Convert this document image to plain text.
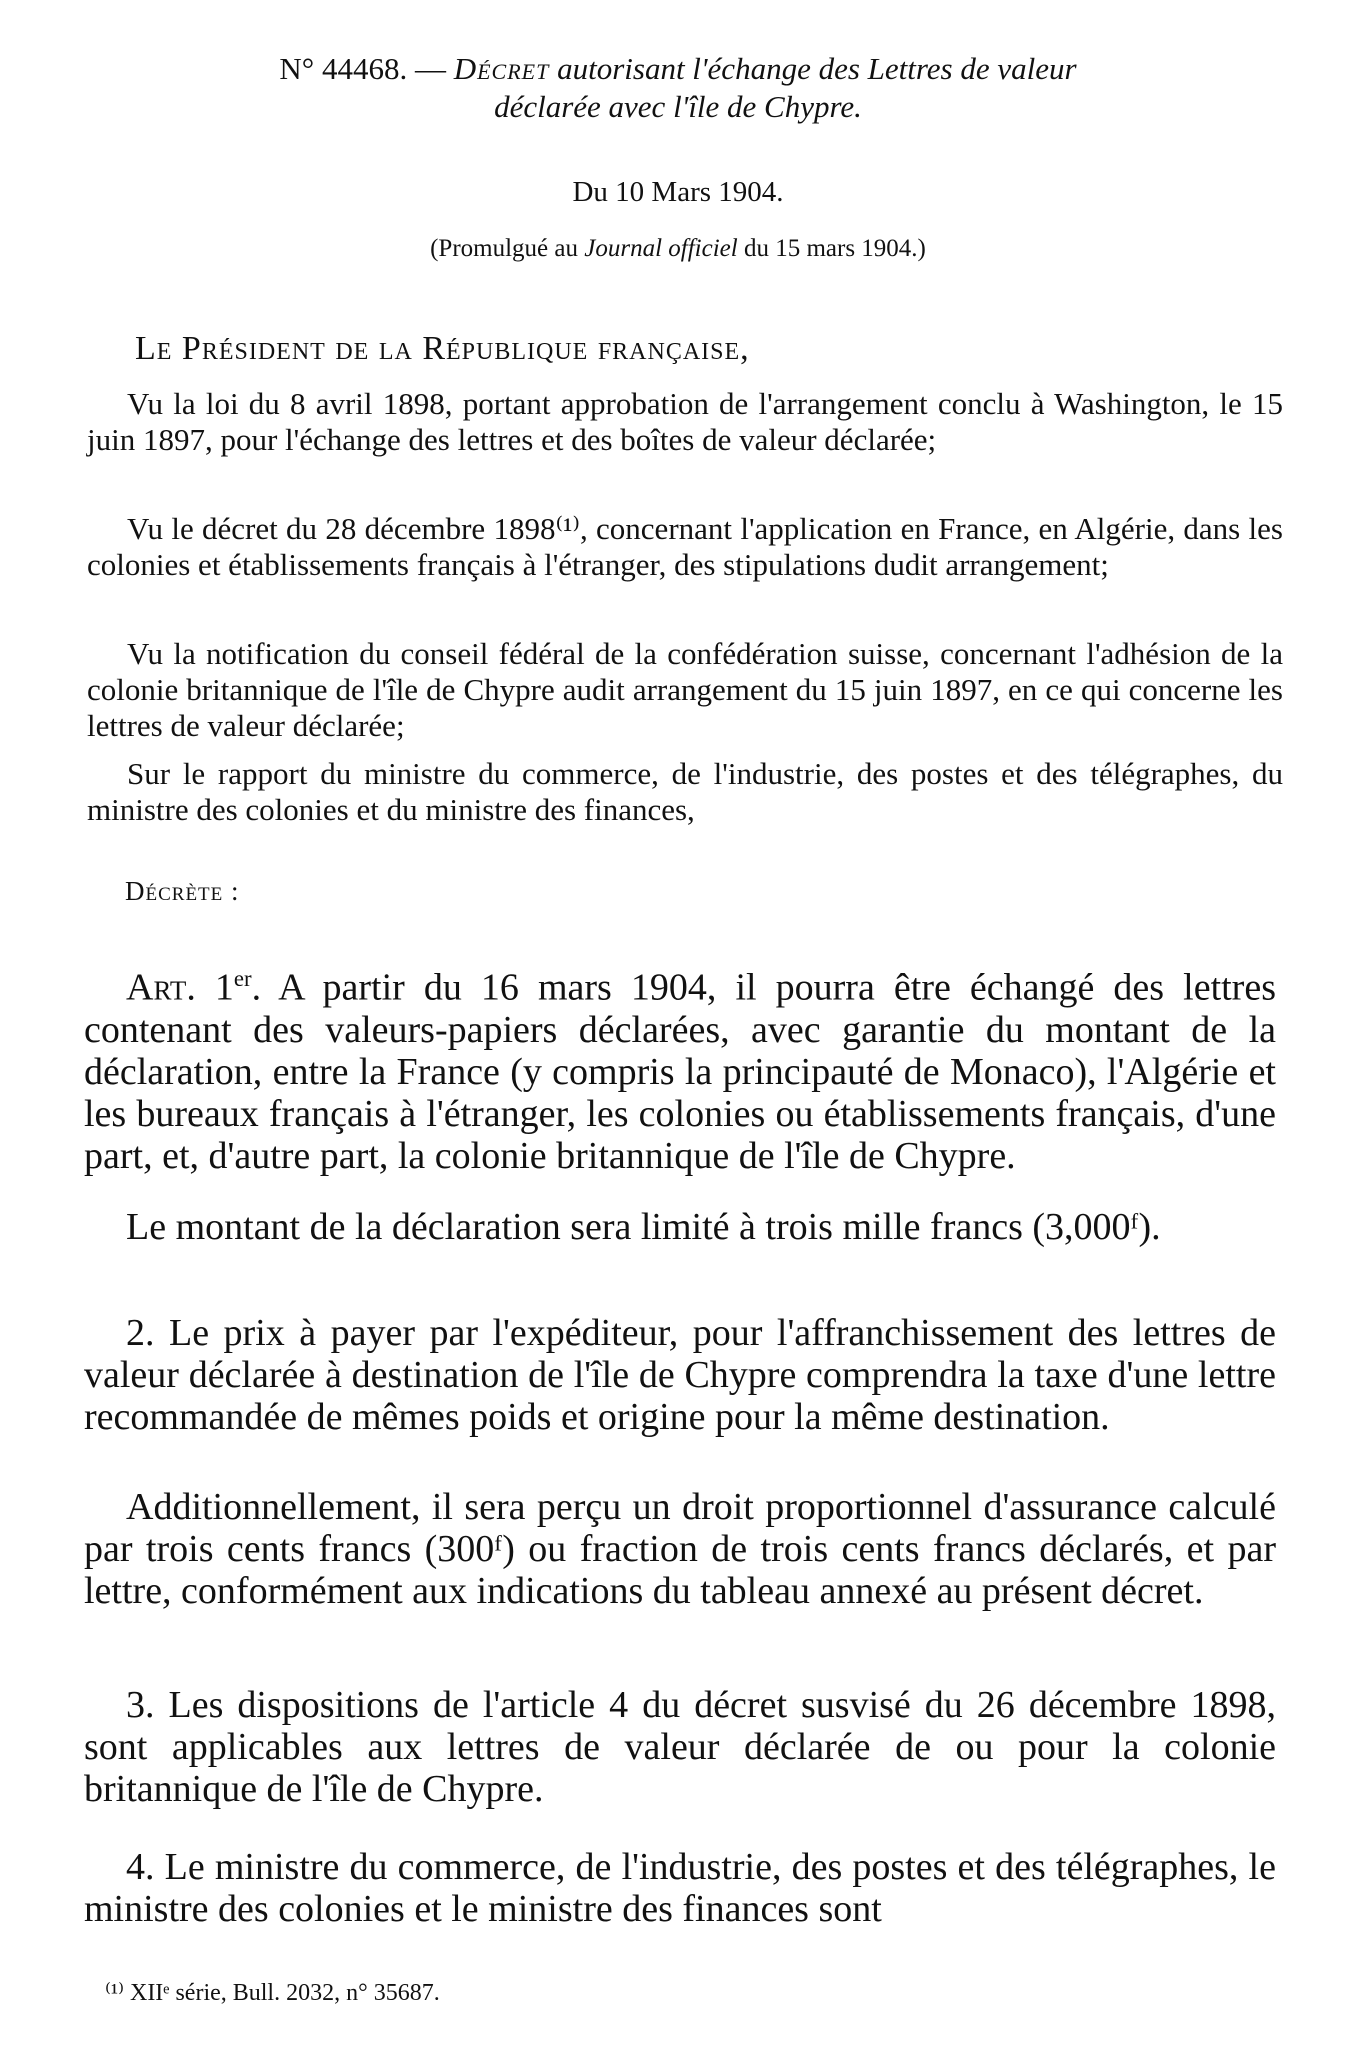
N° 44468. — Décret autorisant l'échange des Lettres de valeur
déclarée avec l'île de Chypre.
Du 10 Mars 1904.
(Promulgué au Journal officiel du 15 mars 1904.)
Le Président de la République française,
Vu la loi du 8 avril 1898, portant approbation de l'arrangement conclu à Washington, le 15 juin 1897, pour l'échange des lettres et des boîtes de valeur déclarée;
Vu le décret du 28 décembre 1898⁽¹⁾, concernant l'application en France, en Algérie, dans les colonies et établissements français à l'étranger, des stipulations dudit arrangement;
Vu la notification du conseil fédéral de la confédération suisse, concernant l'adhésion de la colonie britannique de l'île de Chypre audit arrangement du 15 juin 1897, en ce qui concerne les lettres de valeur déclarée;
Sur le rapport du ministre du commerce, de l'industrie, des postes et des télégraphes, du ministre des colonies et du ministre des finances,
Décrète :
Art. 1er. A partir du 16 mars 1904, il pourra être échangé des lettres contenant des valeurs-papiers déclarées, avec garantie du montant de la déclaration, entre la France (y compris la principauté de Monaco), l'Algérie et les bureaux français à l'étranger, les colonies ou établissements français, d'une part, et, d'autre part, la colonie britannique de l'île de Chypre.
Le montant de la déclaration sera limité à trois mille francs (3,000ᶠ).
2. Le prix à payer par l'expéditeur, pour l'affranchissement des lettres de valeur déclarée à destination de l'île de Chypre comprendra la taxe d'une lettre recommandée de mêmes poids et origine pour la même destination.
Additionnellement, il sera perçu un droit proportionnel d'assurance calculé par trois cents francs (300ᶠ) ou fraction de trois cents francs déclarés, et par lettre, conformément aux indications du tableau annexé au présent décret.
3. Les dispositions de l'article 4 du décret susvisé du 26 décembre 1898, sont applicables aux lettres de valeur déclarée de ou pour la colonie britannique de l'île de Chypre.
4. Le ministre du commerce, de l'industrie, des postes et des télégraphes, le ministre des colonies et le ministre des finances sont
⁽¹⁾ XIIᵉ série, Bull. 2032, n° 35687.
